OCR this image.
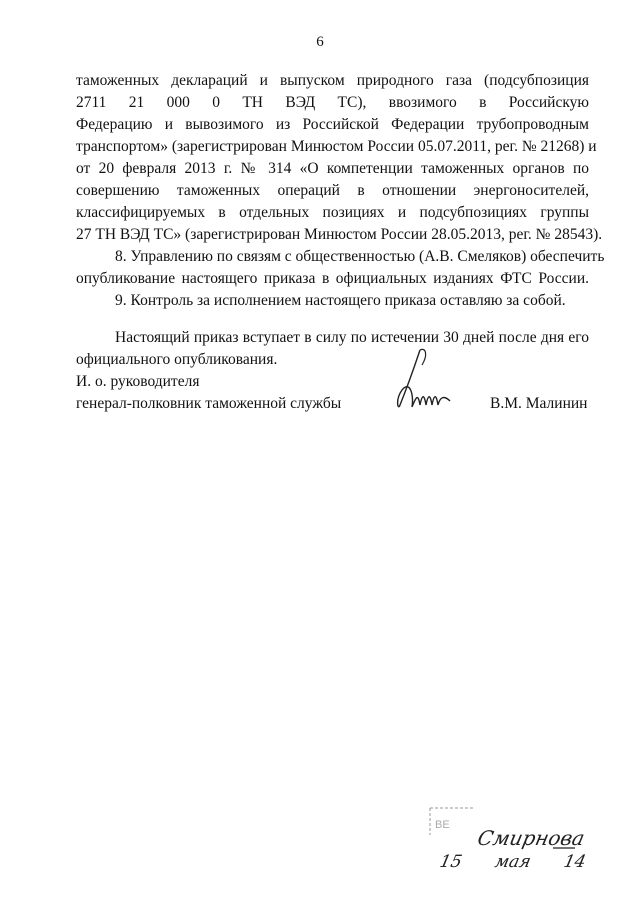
6
таможенных деклараций и выпуском природного газа (подсубпозиция
2711 21 000 0 ТН ВЭД ТС), ввозимого в Российскую
Федерацию и вывозимого из Российской Федерации трубопроводным
транспортом» (зарегистрирован Минюстом России 05.07.2011, рег. № 21268) и
от 20 февраля 2013 г. № 314 «О компетенции таможенных органов по
совершению таможенных операций в отношении энергоносителей,
классифицируемых в отдельных позициях и подсубпозициях группы
27 ТН ВЭД ТС» (зарегистрирован Минюстом России 28.05.2013, рег. № 28543).
8. Управлению по связям с общественностью (А.В. Смеляков) обеспечить
опубликование настоящего приказа в официальных изданиях ФТС России.
9. Контроль за исполнением настоящего приказа оставляю за собой.
Настоящий приказ вступает в силу по истечении 30 дней после дня его
официального опубликования.
И. о. руководителя
генерал-полковник таможенной службы	В.М. Малинин
ВЕ
Смирнова
15 мая 14
